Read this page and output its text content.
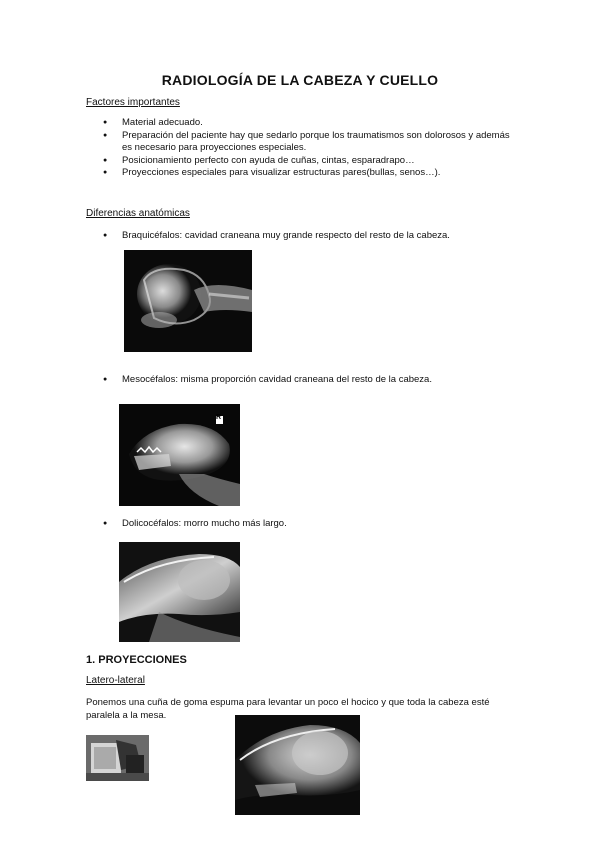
RADIOLOGÍA DE LA CABEZA Y CUELLO
Factores importantes
● Material adecuado.
● Preparación del paciente hay que sedarlo porque los traumatismos son dolorosos y además es necesario para proyecciones especiales.
● Posicionamiento perfecto con ayuda de cuñas, cintas, esparadrapo…
● Proyecciones especiales para visualizar estructuras pares(bullas, senos…).
Diferencias anatómicas
● Braquicéfalos: cavidad craneana muy grande respecto del resto de la cabeza.
● Mesocéfalos: misma proporción cavidad craneana del resto de la cabeza.
R
● Dolicocéfalos: morro mucho más largo.
1. PROYECCIONES
Latero-lateral
Ponemos una cuña de goma espuma para levantar un poco el hocico y que toda la cabeza esté paralela a la mesa.
